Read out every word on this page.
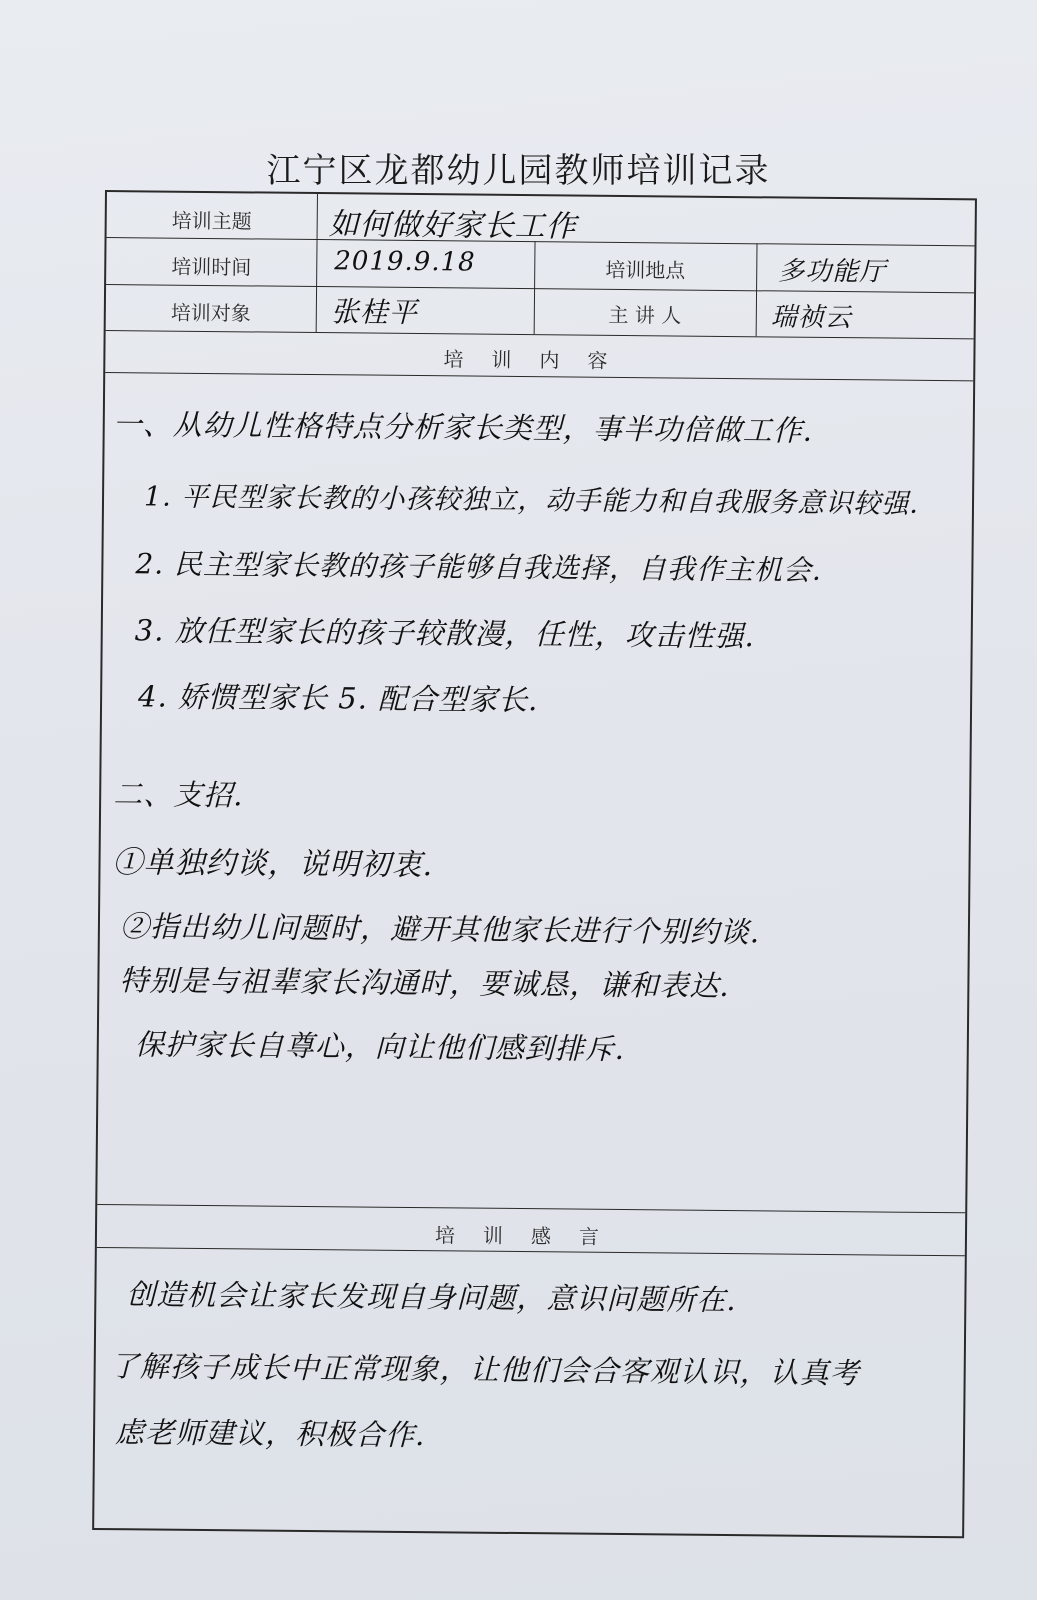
江宁区龙都幼儿园教师培训记录
培训主题	如何做好家长工作
培训时间	2019.9.18	培训地点	多功能厅
培训对象	张桂平	主 讲 人	瑞祯云
培训内容
一、从幼儿性格特点分析家长类型，事半功倍做工作.
1. 平民型家长教的小孩较独立，动手能力和自我服务意识较强.
2. 民主型家长教的孩子能够自我选择，自我作主机会.
3. 放任型家长的孩子较散漫，任性，攻击性强.
4. 娇惯型家长 5. 配合型家长.
二、支招.
①单独约谈，说明初衷.
②指出幼儿问题时，避开其他家长进行个别约谈.
特别是与祖辈家长沟通时，要诚恳，谦和表达.
保护家长自尊心，向让他们感到排斥.
培训感言
创造机会让家长发现自身问题，意识问题所在.
了解孩子成长中正常现象，让他们会合客观认识，认真考
虑老师建议，积极合作.
